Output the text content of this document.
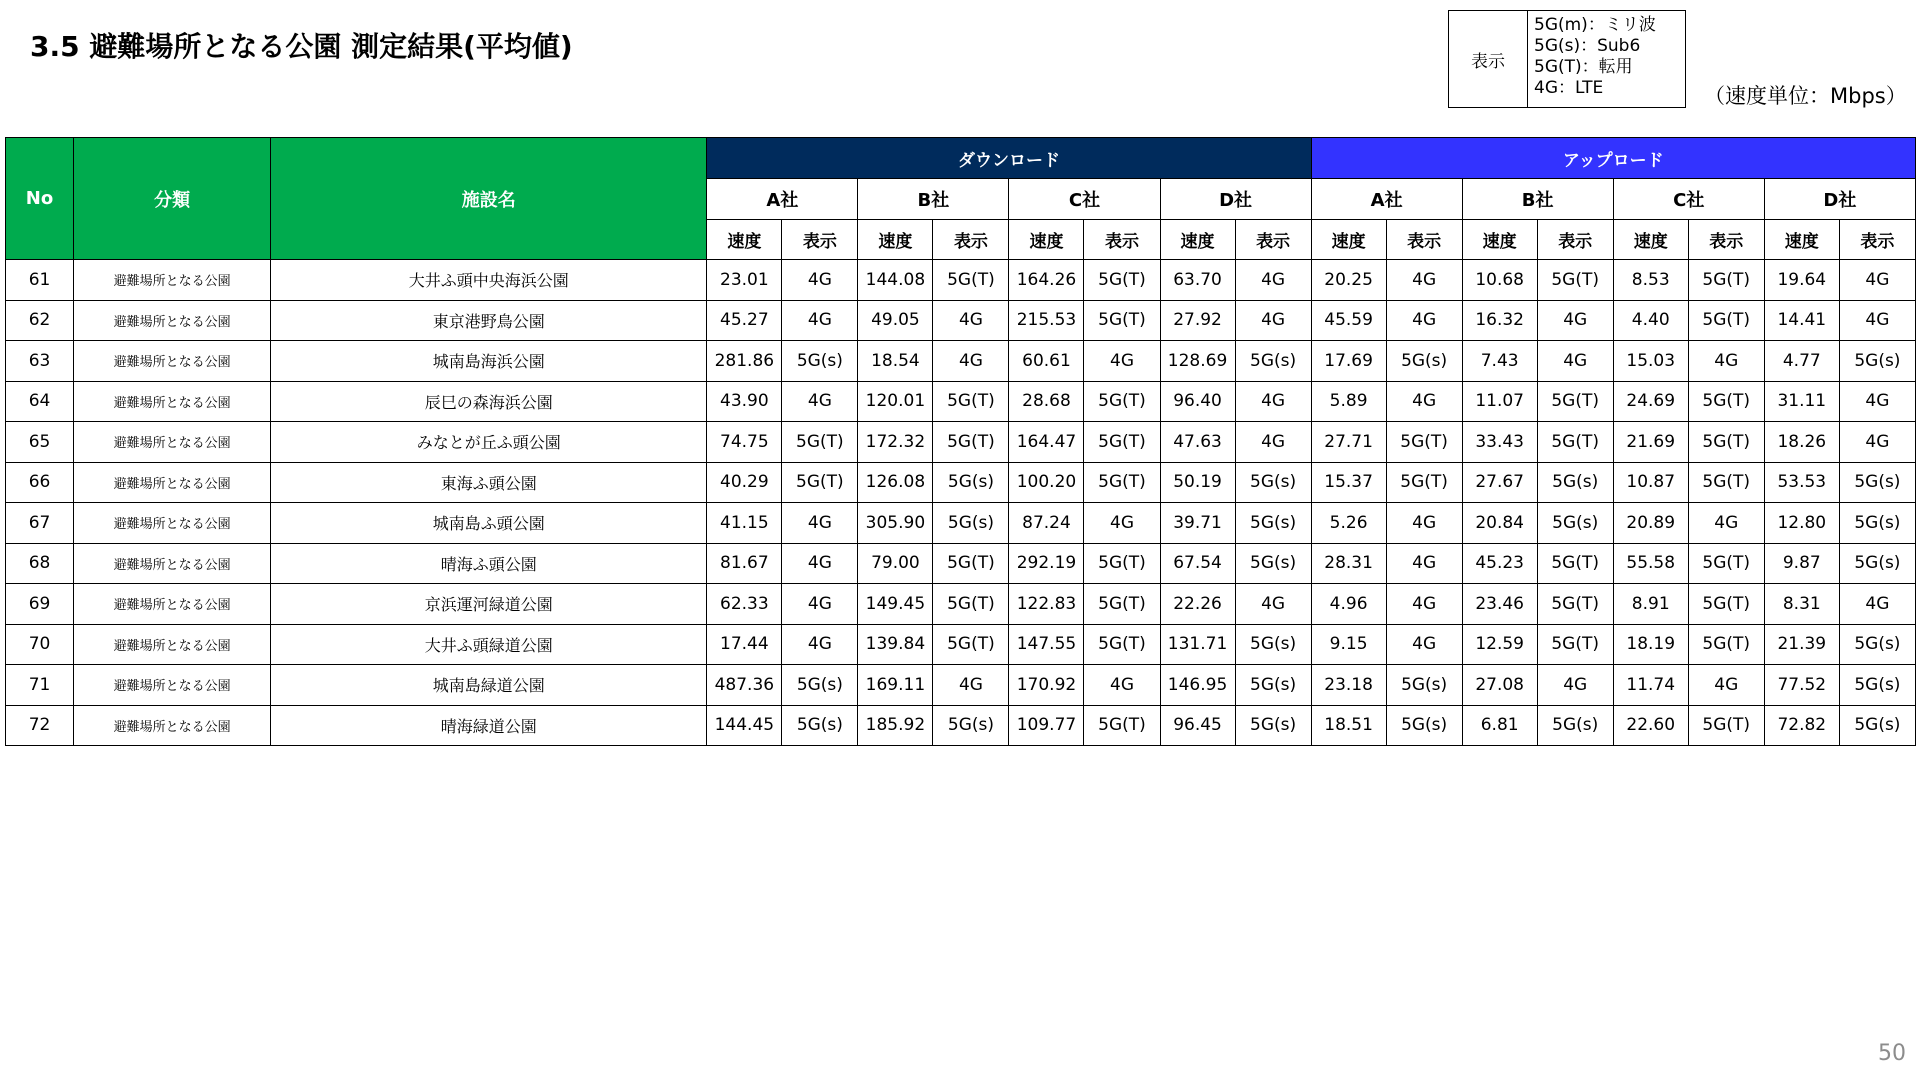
3.5 避難場所となる公園 測定結果(平均値)	表示
5G(m)：ミリ波
5G(s)：Sub6
5G(T)：転用
4G：LTE	（速度単位：Mbps）
No	分類	施設名	ダウンロード								アップロード							
			A社		B社		C社		D社		A社		B社		C社		D社	
			速度	表示	速度	表示	速度	表示	速度	表示	速度	表示	速度	表示	速度	表示	速度	表示
61	避難場所となる公園	大井ふ頭中央海浜公園	23.01	4G	144.08	5G(T)	164.26	5G(T)	63.70	4G	20.25	4G	10.68	5G(T)	8.53	5G(T)	19.64	4G
62	避難場所となる公園	東京港野鳥公園	45.27	4G	49.05	4G	215.53	5G(T)	27.92	4G	45.59	4G	16.32	4G	4.40	5G(T)	14.41	4G
63	避難場所となる公園	城南島海浜公園	281.86	5G(s)	18.54	4G	60.61	4G	128.69	5G(s)	17.69	5G(s)	7.43	4G	15.03	4G	4.77	5G(s)
64	避難場所となる公園	辰巳の森海浜公園	43.90	4G	120.01	5G(T)	28.68	5G(T)	96.40	4G	5.89	4G	11.07	5G(T)	24.69	5G(T)	31.11	4G
65	避難場所となる公園	みなとが丘ふ頭公園	74.75	5G(T)	172.32	5G(T)	164.47	5G(T)	47.63	4G	27.71	5G(T)	33.43	5G(T)	21.69	5G(T)	18.26	4G
66	避難場所となる公園	東海ふ頭公園	40.29	5G(T)	126.08	5G(s)	100.20	5G(T)	50.19	5G(s)	15.37	5G(T)	27.67	5G(s)	10.87	5G(T)	53.53	5G(s)
67	避難場所となる公園	城南島ふ頭公園	41.15	4G	305.90	5G(s)	87.24	4G	39.71	5G(s)	5.26	4G	20.84	5G(s)	20.89	4G	12.80	5G(s)
68	避難場所となる公園	晴海ふ頭公園	81.67	4G	79.00	5G(T)	292.19	5G(T)	67.54	5G(s)	28.31	4G	45.23	5G(T)	55.58	5G(T)	9.87	5G(s)
69	避難場所となる公園	京浜運河緑道公園	62.33	4G	149.45	5G(T)	122.83	5G(T)	22.26	4G	4.96	4G	23.46	5G(T)	8.91	5G(T)	8.31	4G
70	避難場所となる公園	大井ふ頭緑道公園	17.44	4G	139.84	5G(T)	147.55	5G(T)	131.71	5G(s)	9.15	4G	12.59	5G(T)	18.19	5G(T)	21.39	5G(s)
71	避難場所となる公園	城南島緑道公園	487.36	5G(s)	169.11	4G	170.92	4G	146.95	5G(s)	23.18	5G(s)	27.08	4G	11.74	4G	77.52	5G(s)
72	避難場所となる公園	晴海緑道公園	144.45	5G(s)	185.92	5G(s)	109.77	5G(T)	96.45	5G(s)	18.51	5G(s)	6.81	5G(s)	22.60	5G(T)	72.82	5G(s)
50
